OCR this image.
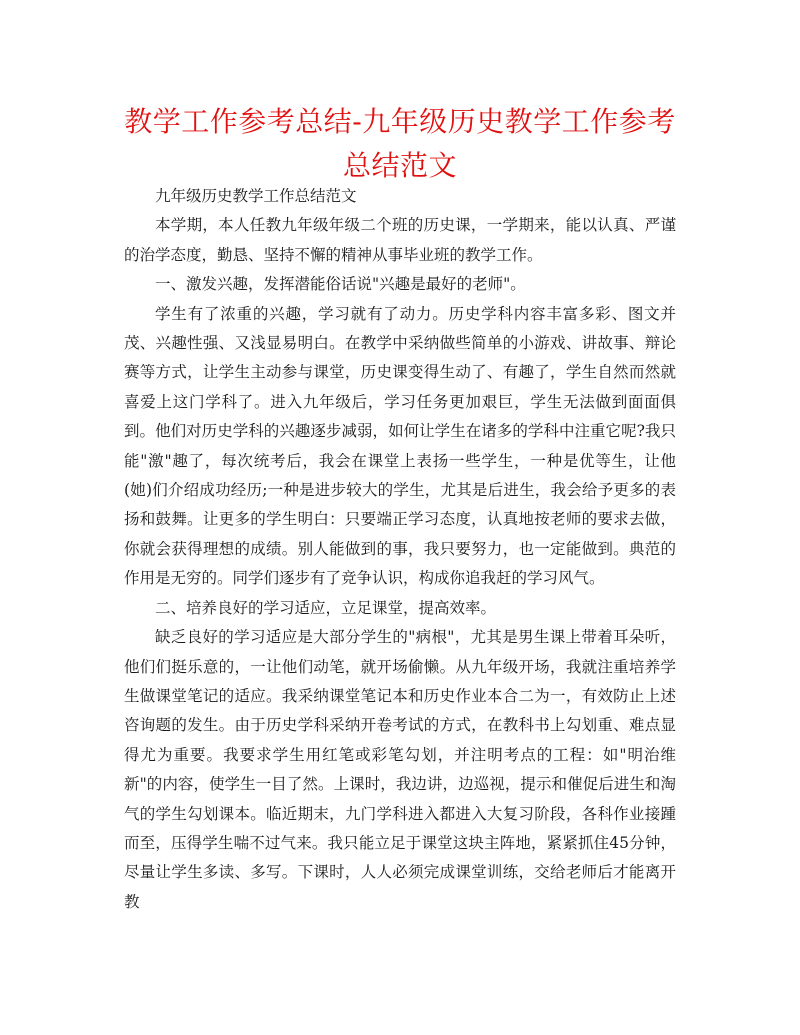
教学工作参考总结-九年级历史教学工作参考总结范文

九年级历史教学工作总结范文

本学期，本人任教九年级年级二个班的历史课，一学期来，能以认真、严谨的治学态度，勤恳、坚持不懈的精神从事毕业班的教学工作。

一、激发兴趣，发挥潜能俗话说"兴趣是最好的老师"。

学生有了浓重的兴趣，学习就有了动力。历史学科内容丰富多彩、图文并茂、兴趣性强、又浅显易明白。在教学中采纳做些简单的小游戏、讲故事、辩论赛等方式，让学生主动参与课堂，历史课变得生动了、有趣了，学生自然而然就喜爱上这门学科了。进入九年级后，学习任务更加艰巨，学生无法做到面面俱到。他们对历史学科的兴趣逐步减弱，如何让学生在诸多的学科中注重它呢?我只能"激"趣了，每次统考后，我会在课堂上表扬一些学生，一种是优等生，让他(她)们介绍成功经历;一种是进步较大的学生，尤其是后进生，我会给予更多的表扬和鼓舞。让更多的学生明白：只要端正学习态度，认真地按老师的要求去做，你就会获得理想的成绩。别人能做到的事，我只要努力，也一定能做到。典范的作用是无穷的。同学们逐步有了竞争认识，构成你追我赶的学习风气。

二、培养良好的学习适应，立足课堂，提高效率。

缺乏良好的学习适应是大部分学生的"病根"，尤其是男生课上带着耳朵听，他们们挺乐意的，一让他们动笔，就开场偷懒。从九年级开场，我就注重培养学生做课堂笔记的适应。我采纳课堂笔记本和历史作业本合二为一，有效防止上述咨询题的发生。由于历史学科采纳开卷考试的方式，在教科书上勾划重、难点显得尤为重要。我要求学生用红笔或彩笔勾划，并注明考点的工程：如"明治维新"的内容，使学生一目了然。上课时，我边讲，边巡视，提示和催促后进生和淘气的学生勾划课本。临近期末，九门学科进入都进入大复习阶段，各科作业接踵而至，压得学生喘不过气来。我只能立足于课堂这块主阵地，紧紧抓住45分钟，尽量让学生多读、多写。下课时，人人必须完成课堂训练，交给老师后才能离开教
